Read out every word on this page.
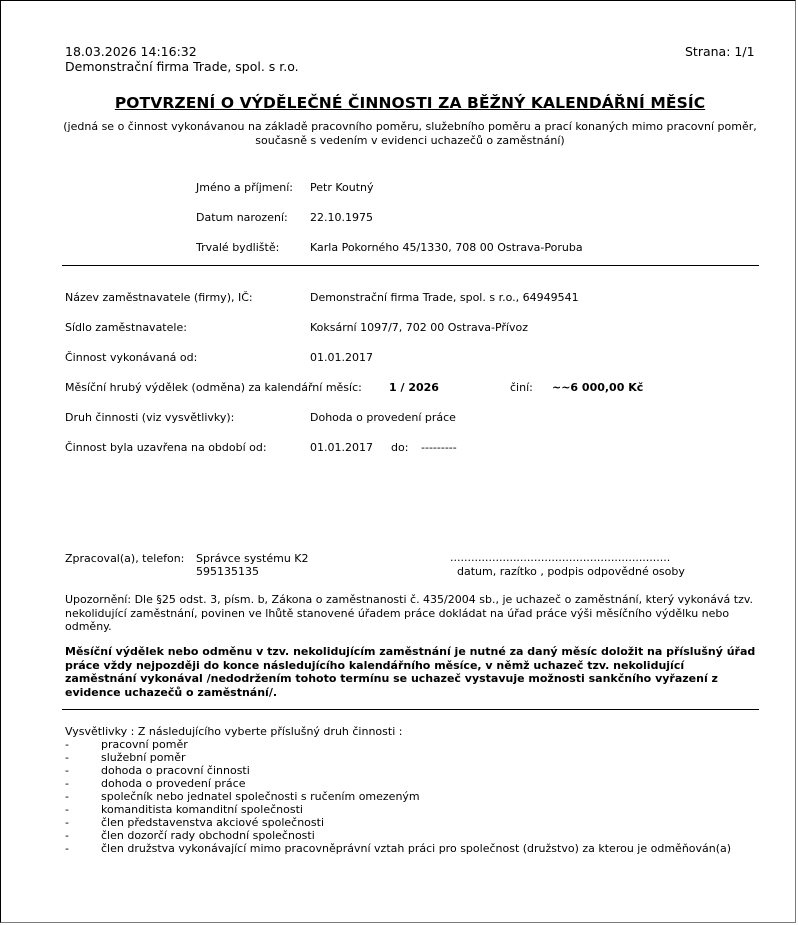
18.03.2026 14:16:32
Demonstrační firma Trade, spol. s r.o.
Strana: 1/1
POTVRZENÍ O VÝDĚLEČNÉ ČINNOSTI ZA BĚŽNÝ KALENDÁŘNÍ MĚSÍC
(jedná se o činnost vykonávanou na základě pracovního poměru, služebního poměru a prací konaných mimo pracovní poměr, současně s vedením v evidenci uchazečů o zaměstnání)
Jméno a příjmení: Petr Koutný
Datum narození: 22.10.1975
Trvalé bydliště:	Karla Pokorného 45/1330, 708 00 Ostrava-Poruba
Název zaměstnavatele (firmy), IČ:	Demonstrační firma Trade, spol. s r.o., 64949541
Sídlo zaměstnavatele:	Koksární 1097/7, 702 00 Ostrava-Přívoz
Činnost vykonávaná od:	01.01.2017
Měsíční hrubý výdělek (odměna) za kalendářní měsíc: 1 / 2026	činí: ~~6 000,00 Kč
Druh činnosti (viz vysvětlivky):	Dohoda o provedení práce
Činnost byla uzavřena na období od:	01.01.2017 do: ---------
Zpracoval(a), telefon: Správce systému K2
595135135
...............................................................
datum, razítko , podpis odpovědné osoby
Upozornění: Dle §25 odst. 3, písm. b, Zákona o zaměstnanosti č. 435/2004 sb., je uchazeč o zaměstnání, který vykonává tzv. nekolidující zaměstnání, povinen ve lhůtě stanovené úřadem práce dokládat na úřad práce výši měsíčního výdělku nebo odměny.
Měsíční výdělek nebo odměnu v tzv. nekolidujícím zaměstnání je nutné za daný měsíc doložit na příslušný úřad práce vždy nejpozději do konce následujícího kalendářního měsíce, v němž uchazeč tzv. nekolidující zaměstnání vykonával /nedodržením tohoto termínu se uchazeč vystavuje možnosti sankčního vyřazení z evidence uchazečů o zaměstnání/.
Vysvětlivky : Z následujícího vyberte příslušný druh činnosti :
-	pracovní poměr
-	služební poměr
-	dohoda o pracovní činnosti
-	dohoda o provedení práce
-	společník nebo jednatel společnosti s ručením omezeným
-	komanditista komanditní společnosti
-	člen představenstva akciové společnosti
-	člen dozorčí rady obchodní společnosti
-	člen družstva vykonávající mimo pracovněprávní vztah práci pro společnost (družstvo) za kterou je odměňován(a)
